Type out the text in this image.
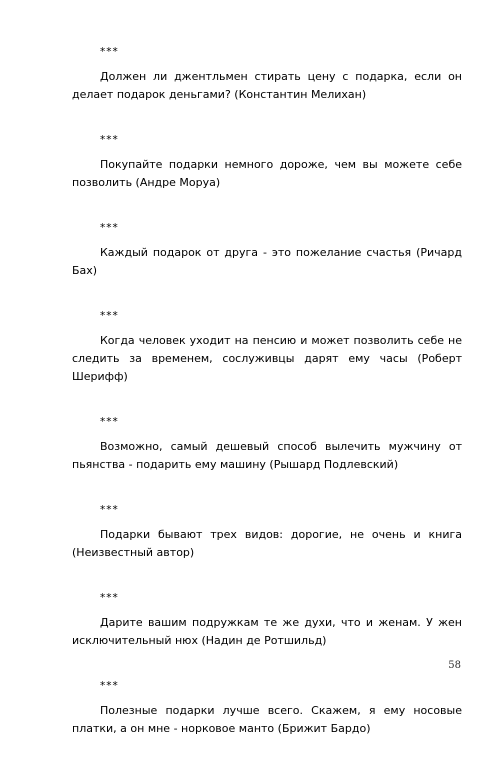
***

Должен ли джентльмен стирать цену с подарка, если он делает подарок деньгами? (Константин Мелихан)

***

Покупайте подарки немного дороже, чем вы можете себе позволить (Андре Моруа)

***

Каждый подарок от друга - это пожелание счастья (Ричард Бах)

***

Когда человек уходит на пенсию и может позволить себе не следить за временем, сослуживцы дарят ему часы (Роберт Шерифф)

***

Возможно, самый дешевый способ вылечить мужчину от пьянства - подарить ему машину (Рышард Подлевский)

***

Подарки бывают трех видов: дорогие, не очень и книга (Неизвестный автор)

***

Дарите вашим подружкам те же духи, что и женам. У жен исключительный нюх (Надин де Ротшильд)

***

Полезные подарки лучше всего. Скажем, я ему носовые платки, а он мне - норковое манто (Брижит Бардо)

58
